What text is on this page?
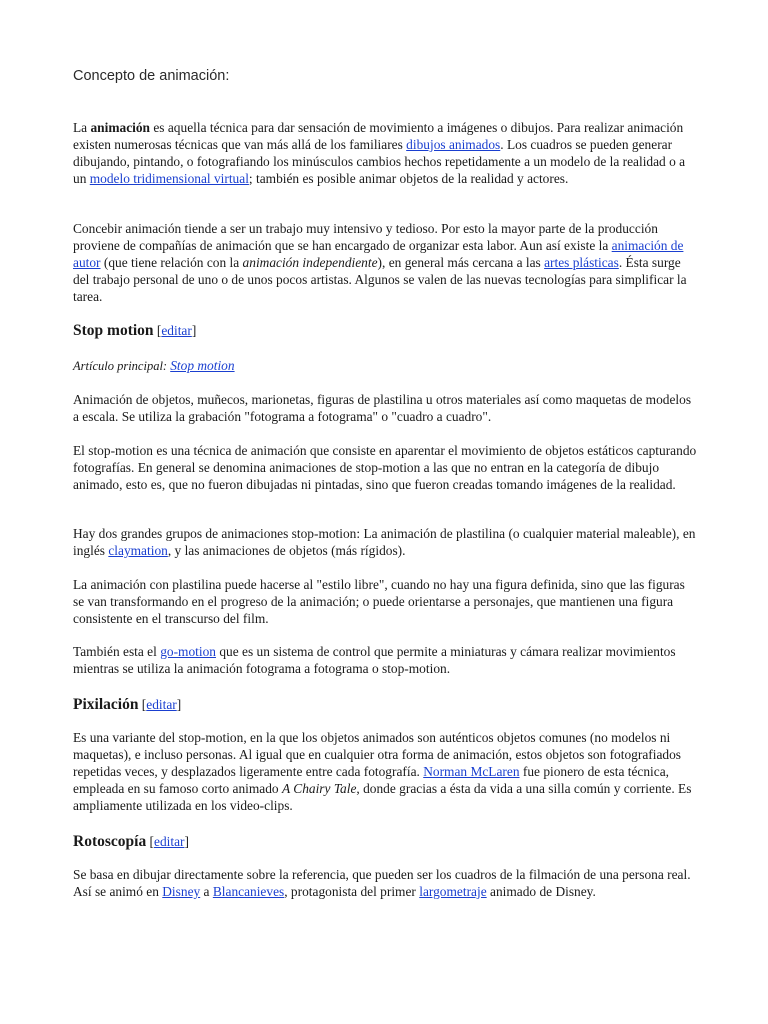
Concepto de animación:

La animación es aquella técnica para dar sensación de movimiento a imágenes o dibujos. Para realizar animación existen numerosas técnicas que van más allá de los familiares dibujos animados. Los cuadros se pueden generar dibujando, pintando, o fotografiando los minúsculos cambios hechos repetidamente a un modelo de la realidad o a un modelo tridimensional virtual; también es posible animar objetos de la realidad y actores.

Concebir animación tiende a ser un trabajo muy intensivo y tedioso. Por esto la mayor parte de la producción proviene de compañías de animación que se han encargado de organizar esta labor. Aun así existe la animación de autor (que tiene relación con la animación independiente), en general más cercana a las artes plásticas. Ésta surge del trabajo personal de uno o de unos pocos artistas. Algunos se valen de las nuevas tecnologías para simplificar la tarea.

Stop motion [editar]
Artículo principal: Stop motion

Animación de objetos, muñecos, marionetas, figuras de plastilina u otros materiales así como maquetas de modelos a escala. Se utiliza la grabación "fotograma a fotograma" o "cuadro a cuadro".

El stop-motion es una técnica de animación que consiste en aparentar el movimiento de objetos estáticos capturando fotografías. En general se denomina animaciones de stop-motion a las que no entran en la categoría de dibujo animado, esto es, que no fueron dibujadas ni pintadas, sino que fueron creadas tomando imágenes de la realidad.

Hay dos grandes grupos de animaciones stop-motion: La animación de plastilina (o cualquier material maleable), en inglés claymation, y las animaciones de objetos (más rígidos).

La animación con plastilina puede hacerse al "estilo libre", cuando no hay una figura definida, sino que las figuras se van transformando en el progreso de la animación; o puede orientarse a personajes, que mantienen una figura consistente en el transcurso del film.

También esta el go-motion que es un sistema de control que permite a miniaturas y cámara realizar movimientos mientras se utiliza la animación fotograma a fotograma o stop-motion.

Pixilación [editar]

Es una variante del stop-motion, en la que los objetos animados son auténticos objetos comunes (no modelos ni maquetas), e incluso personas. Al igual que en cualquier otra forma de animación, estos objetos son fotografiados repetidas veces, y desplazados ligeramente entre cada fotografía. Norman McLaren fue pionero de esta técnica, empleada en su famoso corto animado A Chairy Tale, donde gracias a ésta da vida a una silla común y corriente. Es ampliamente utilizada en los video-clips.

Rotoscopía [editar]

Se basa en dibujar directamente sobre la referencia, que pueden ser los cuadros de la filmación de una persona real. Así se animó en Disney a Blancanieves, protagonista del primer largometraje animado de Disney.
